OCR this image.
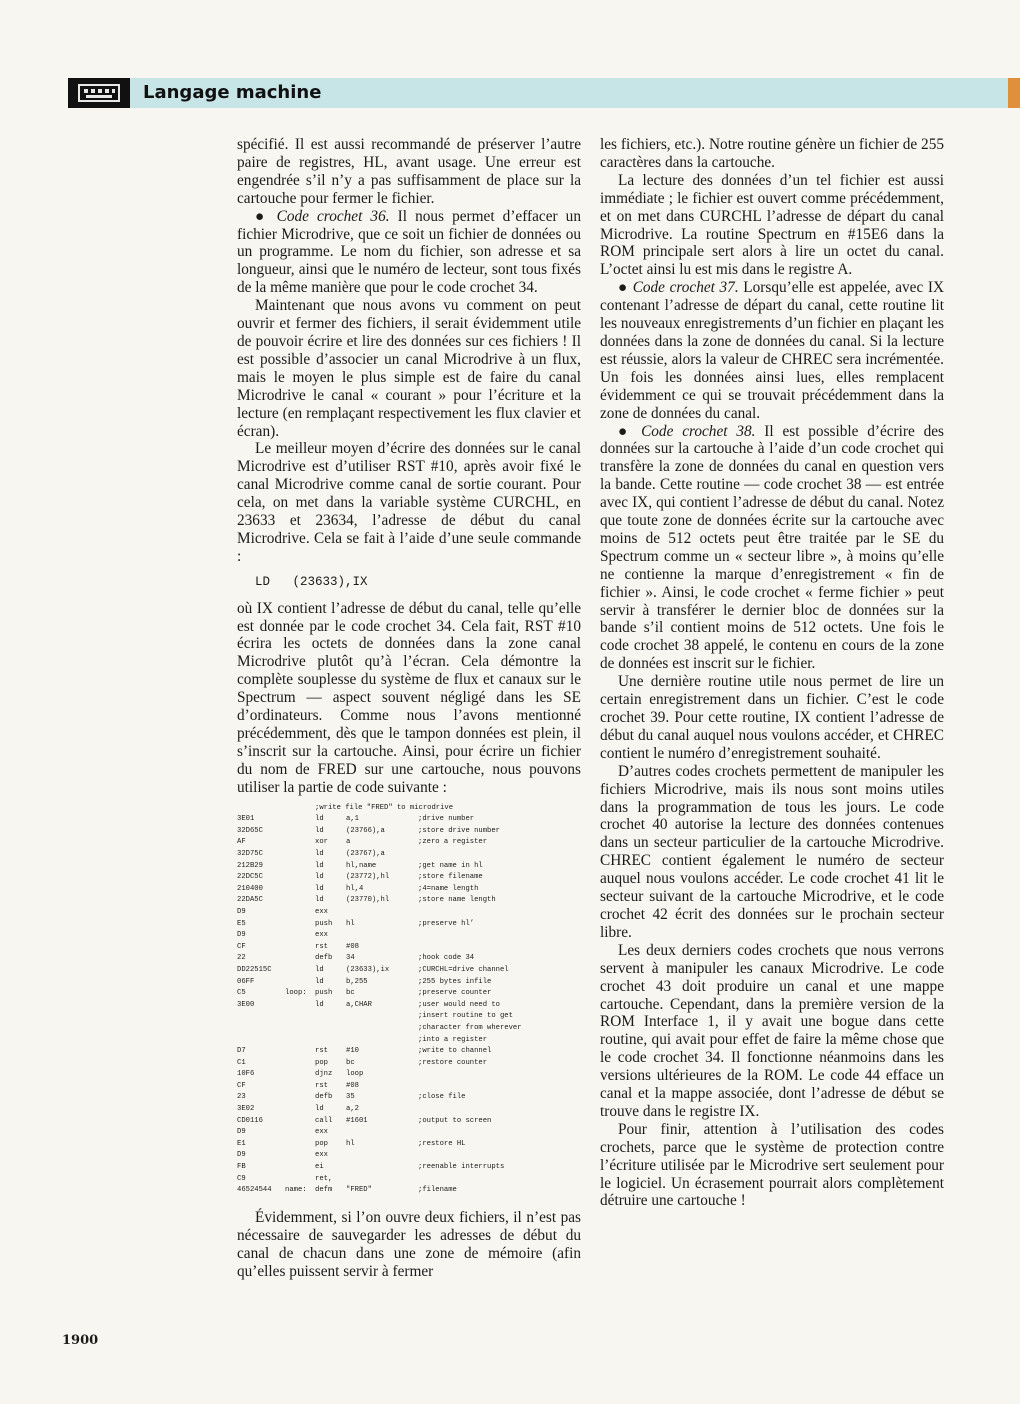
Langage machine

spécifié. Il est aussi recommandé de préserver l’autre paire de registres, HL, avant usage. Une erreur est engendrée s’il n’y a pas suffisamment de place sur la cartouche pour fermer le fichier.

● Code crochet 36. Il nous permet d’effacer un fichier Microdrive, que ce soit un fichier de données ou un programme. Le nom du fichier, son adresse et sa longueur, ainsi que le numéro de lecteur, sont tous fixés de la même manière que pour le code crochet 34.

Maintenant que nous avons vu comment on peut ouvrir et fermer des fichiers, il serait évidemment utile de pouvoir écrire et lire des données sur ces fichiers ! Il est possible d’associer un canal Microdrive à un flux, mais le moyen le plus simple est de faire du canal Microdrive le canal « courant » pour l’écriture et la lecture (en remplaçant respectivement les flux clavier et écran).

Le meilleur moyen d’écrire des données sur le canal Microdrive est d’utiliser RST #10, après avoir fixé le canal Microdrive comme canal de sortie courant. Pour cela, on met dans la variable système CURCHL, en 23633 et 23634, l’adresse de début du canal Microdrive. Cela se fait à l’aide d’une seule commande :

LD   (23633),IX

où IX contient l’adresse de début du canal, telle qu’elle est donnée par le code crochet 34. Cela fait, RST #10 écrira les octets de données dans la zone canal Microdrive plutôt qu’à l’écran. Cela démontre la complète souplesse du système de flux et canaux sur le Spectrum — aspect souvent négligé dans les SE d’ordinateurs. Comme nous l’avons mentionné précédemment, dès que le tampon données est plein, il s’inscrit sur la cartouche. Ainsi, pour écrire un fichier du nom de FRED sur une cartouche, nous pouvons utiliser la partie de code suivante :

;write file "FRED" to microdrive
3E01	ld	a,1	;drive number
32D65C	ld	(23766),a	;store drive number
AF	xor	a	;zero a register
32D75C	ld	(23767),a
212B29	ld	hl,name	;get name in hl
22DC5C	ld	(23772),hl	;store filename
210400	ld	hl,4	;4=name length
22DA5C	ld	(23770),hl	;store name length
D9	exx
E5	push	hl	;preserve hl’
D9	exx
CF	rst	#08
22	defb	34	;hook code 34
DD22515C	ld	(23633),ix	;CURCHL=drive channel
06FF	ld	b,255	;255 bytes infile
C5	loop:	push	bc	;preserve counter
3E00	ld	a,CHAR	;user would need to
;insert routine to get
;character from wherever
;into a register
D7	rst	#10	;write to channel
C1	pop	bc	;restore counter
10F6	djnz	loop
CF	rst	#08
23	defb	35	;close file
3E02	ld	a,2
CD0116	call	#1601	;output to screen
D9	exx
E1	pop	hl	;restore HL
D9	exx
FB	ei	;reenable interrupts
C9	ret,
46524544	name:	defm	"FRED"	;filename

Évidemment, si l’on ouvre deux fichiers, il n’est pas nécessaire de sauvegarder les adresses de début du canal de chacun dans une zone de mémoire (afin qu’elles puissent servir à fermer

les fichiers, etc.). Notre routine génère un fichier de 255 caractères dans la cartouche.

La lecture des données d’un tel fichier est aussi immédiate ; le fichier est ouvert comme précédemment, et on met dans CURCHL l’adresse de départ du canal Microdrive. La routine Spectrum en #15E6 dans la ROM principale sert alors à lire un octet du canal. L’octet ainsi lu est mis dans le registre A.

● Code crochet 37. Lorsqu’elle est appelée, avec IX contenant l’adresse de départ du canal, cette routine lit les nouveaux enregistrements d’un fichier en plaçant les données dans la zone de données du canal. Si la lecture est réussie, alors la valeur de CHREC sera incrémentée. Un fois les données ainsi lues, elles remplacent évidemment ce qui se trouvait précédemment dans la zone de données du canal.

● Code crochet 38. Il est possible d’écrire des données sur la cartouche à l’aide d’un code crochet qui transfère la zone de données du canal en question vers la bande. Cette routine — code crochet 38 — est entrée avec IX, qui contient l’adresse de début du canal. Notez que toute zone de données écrite sur la cartouche avec moins de 512 octets peut être traitée par le SE du Spectrum comme un « secteur libre », à moins qu’elle ne contienne la marque d’enregistrement « fin de fichier ». Ainsi, le code crochet « ferme fichier » peut servir à transférer le dernier bloc de données sur la bande s’il contient moins de 512 octets. Une fois le code crochet 38 appelé, le contenu en cours de la zone de données est inscrit sur le fichier.

Une dernière routine utile nous permet de lire un certain enregistrement dans un fichier. C’est le code crochet 39. Pour cette routine, IX contient l’adresse de début du canal auquel nous voulons accéder, et CHREC contient le numéro d’enregistrement souhaité.

D’autres codes crochets permettent de manipuler les fichiers Microdrive, mais ils nous sont moins utiles dans la programmation de tous les jours. Le code crochet 40 autorise la lecture des données contenues dans un secteur particulier de la cartouche Microdrive. CHREC contient également le numéro de secteur auquel nous voulons accéder. Le code crochet 41 lit le secteur suivant de la cartouche Microdrive, et le code crochet 42 écrit des données sur le prochain secteur libre.

Les deux derniers codes crochets que nous verrons servent à manipuler les canaux Microdrive. Le code crochet 43 doit produire un canal et une mappe cartouche. Cependant, dans la première version de la ROM Interface 1, il y avait une bogue dans cette routine, qui avait pour effet de faire la même chose que le code crochet 34. Il fonctionne néanmoins dans les versions ultérieures de la ROM. Le code 44 efface un canal et la mappe associée, dont l’adresse de début se trouve dans le registre IX.

Pour finir, attention à l’utilisation des codes crochets, parce que le système de protection contre l’écriture utilisée par le Microdrive sert seulement pour le logiciel. Un écrasement pourrait alors complètement détruire une cartouche !

1900
